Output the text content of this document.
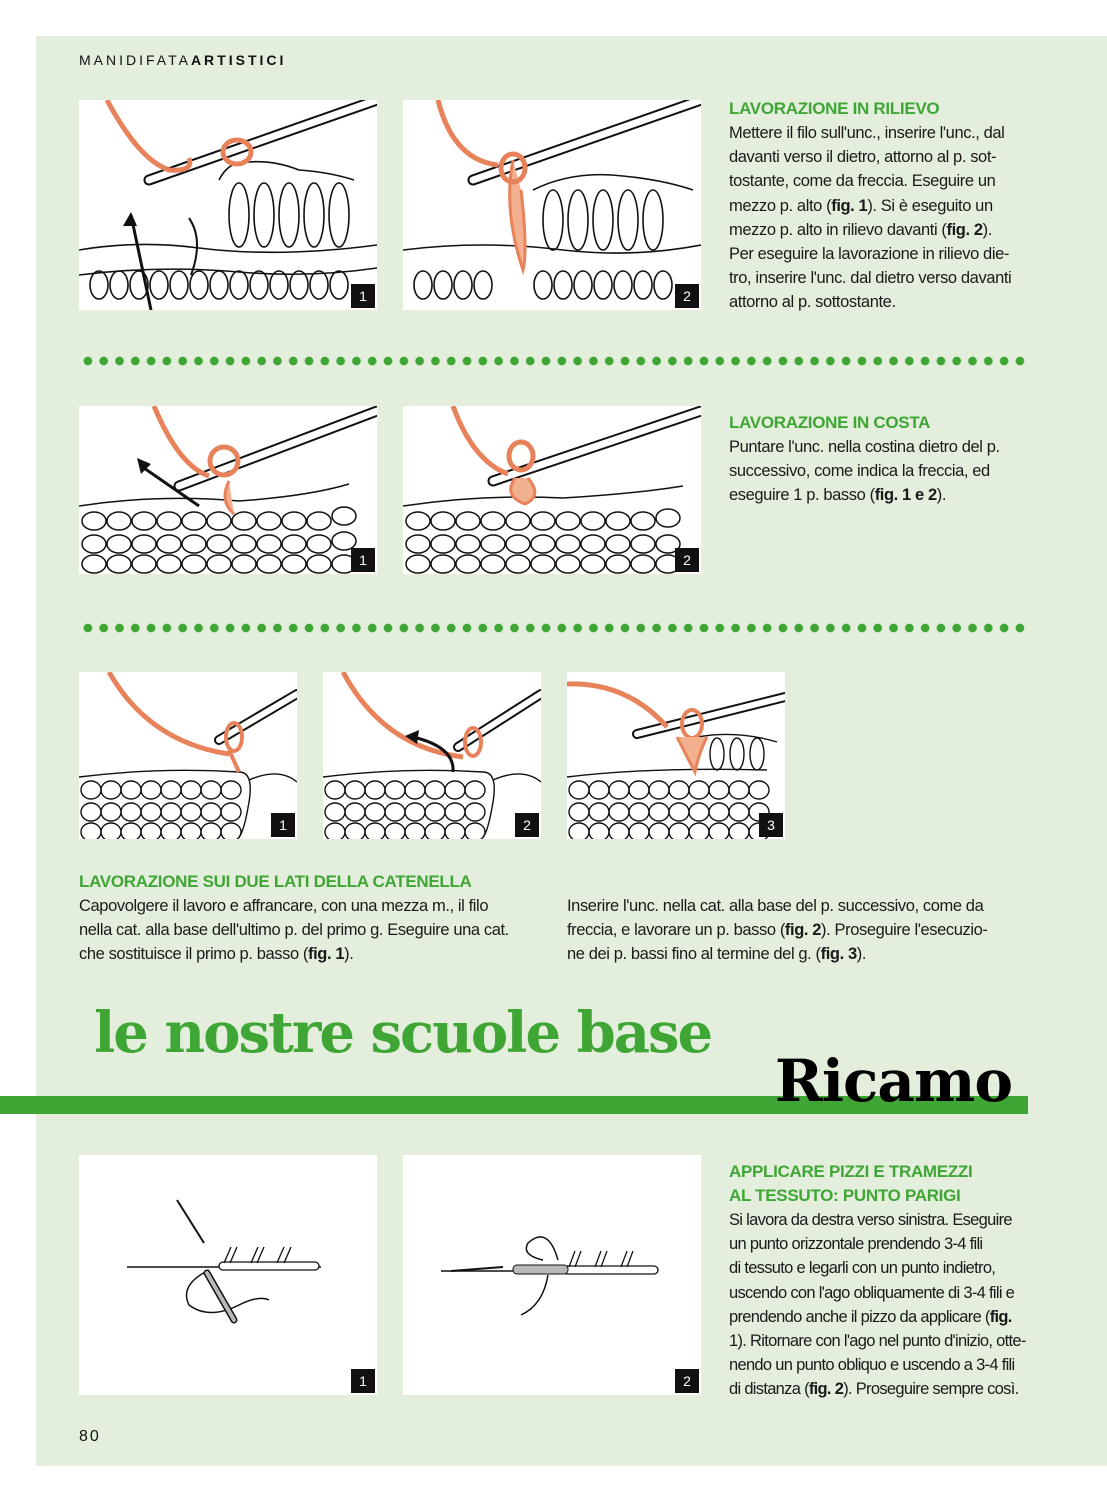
MANIDIFATAARTISTICI
1	2
LAVORAZIONE IN RILIEVO
Mettere il filo sull'unc., inserire l'unc., dal
davanti verso il dietro, attorno al p. sot-
tostante, come da freccia. Eseguire un
mezzo p. alto (fig. 1). Si è eseguito un
mezzo p. alto in rilievo davanti (fig. 2).
Per eseguire la lavorazione in rilievo die-
tro, inserire l'unc. dal dietro verso davanti
attorno al p. sottostante.
1	2
LAVORAZIONE IN COSTA
Puntare l'unc. nella costina dietro del p.
successivo, come indica la freccia, ed
eseguire 1 p. basso (fig. 1 e 2).
1	2	3
LAVORAZIONE SUI DUE LATI DELLA CATENELLA
Capovolgere il lavoro e affrancare, con una mezza m., il filo
nella cat. alla base dell'ultimo p. del primo g. Eseguire una cat.
che sostituisce il primo p. basso (fig. 1).
Inserire l'unc. nella cat. alla base del p. successivo, come da
freccia, e lavorare un p. basso (fig. 2). Proseguire l'esecuzio-
ne dei p. bassi fino al termine del g. (fig. 3).
le nostre scuole base
Ricamo
1	2
APPLICARE PIZZI E TRAMEZZI
AL TESSUTO: PUNTO PARIGI
Si lavora da destra verso sinistra. Eseguire
un punto orizzontale prendendo 3-4 fili
di tessuto e legarli con un punto indietro,
uscendo con l'ago obliquamente di 3-4 fili e
prendendo anche il pizzo da applicare (fig.
1). Ritornare con l'ago nel punto d'inizio, otte-
nendo un punto obliquo e uscendo a 3-4 fili
di distanza (fig. 2). Proseguire sempre così.
80
